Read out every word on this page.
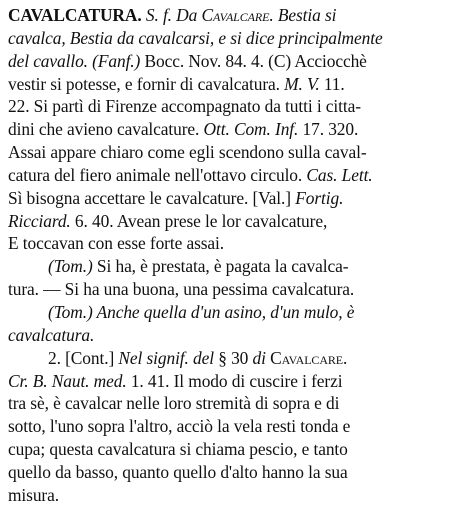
CAVALCATURA. S. f. Da Cavalcare. Bestia si
cavalca, Bestia da cavalcarsi, e si dice principalmente
del cavallo. (Fanf.) Bocc. Nov. 84. 4. (C) Acciocchè
vestir si potesse, e fornir di cavalcatura. M. V. 11.
22. Si partì di Firenze accompagnato da tutti i citta-
dini che avieno cavalcature. Ott. Com. Inf. 17. 320.
Assai appare chiaro come egli scendono sulla caval-
catura del fiero animale nell'ottavo circulo. Cas. Lett.
Sì bisogna accettare le cavalcature. [Val.] Fortig.
Ricciard. 6. 40. Avean prese le lor cavalcature,
E toccavan con esse forte assai.
(Tom.) Si ha, è prestata, è pagata la cavalca-
tura. — Si ha una buona, una pessima cavalcatura.
(Tom.) Anche quella d'un asino, d'un mulo, è
cavalcatura.
2. [Cont.] Nel signif. del § 30 di Cavalcare.
Cr. B. Naut. med. 1. 41. Il modo di cuscire i ferzi
tra sè, è cavalcar nelle loro stremità di sopra e di
sotto, l'uno sopra l'altro, acciò la vela resti tonda e
cupa; questa cavalcatura si chiama pescio, e tanto
quello da basso, quanto quello d'alto hanno la sua
misura.
